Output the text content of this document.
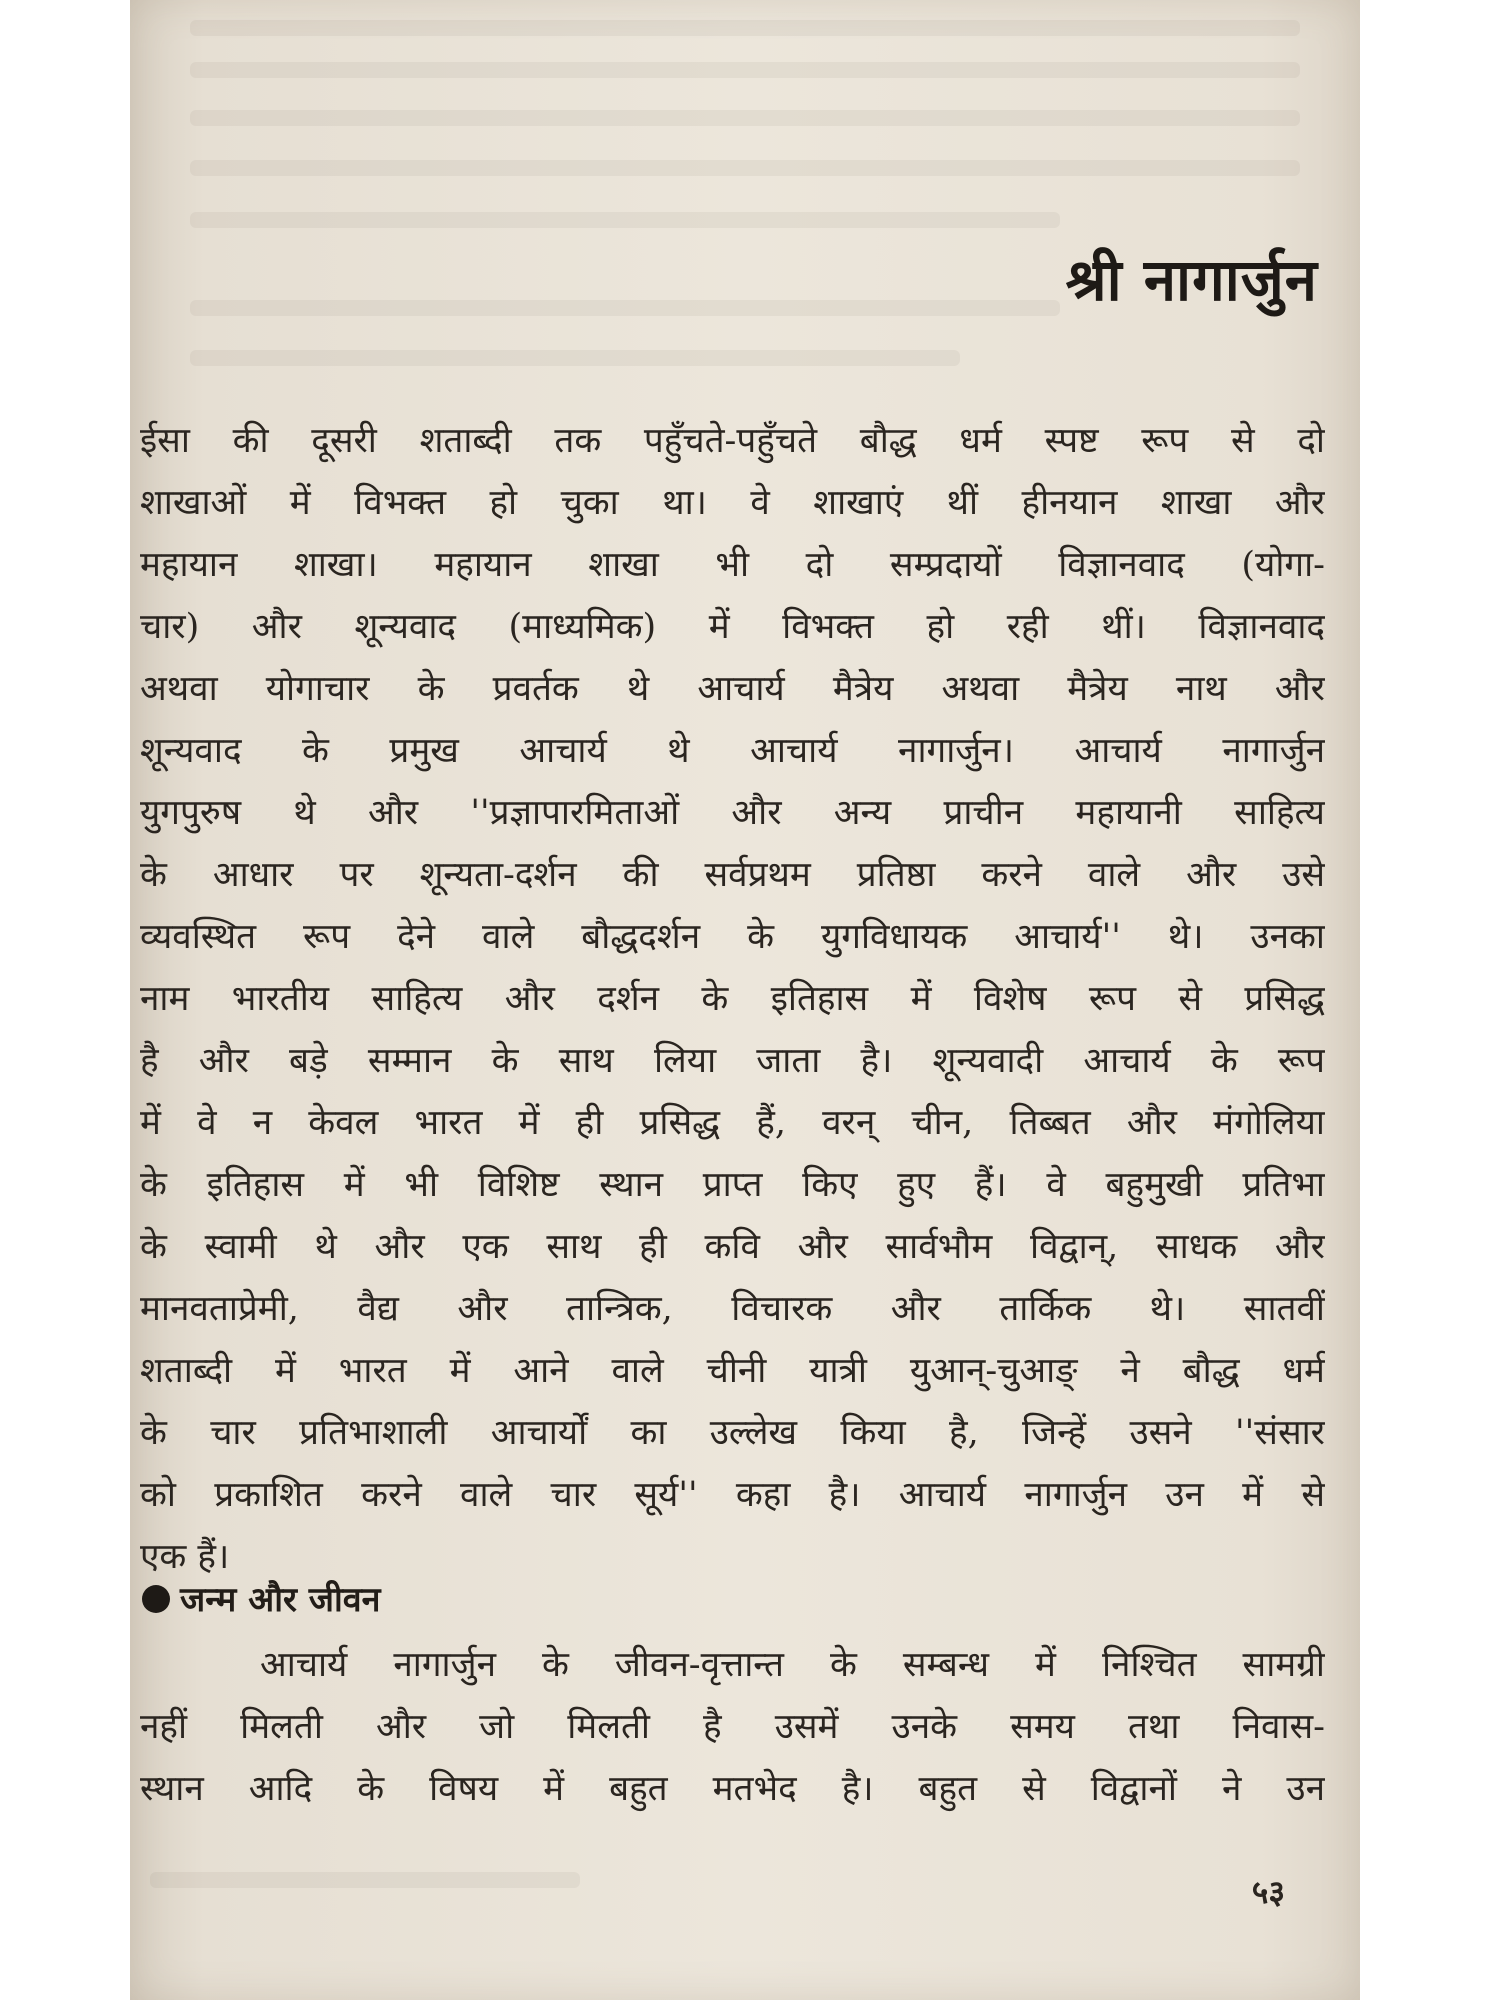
श्री नागार्जुन
ईसा की दूसरी शताब्दी तक पहुँचते-पहुँचते बौद्ध धर्म स्पष्ट रूप से दो
शाखाओं में विभक्त हो चुका था। वे शाखाएं थीं हीनयान शाखा और
महायान शाखा। महायान शाखा भी दो सम्प्रदायों विज्ञानवाद (योगा-
चार) और शून्यवाद (माध्यमिक) में विभक्त हो रही थीं। विज्ञानवाद
अथवा योगाचार के प्रवर्तक थे आचार्य मैत्रेय अथवा मैत्रेय नाथ और
शून्यवाद के प्रमुख आचार्य थे आचार्य नागार्जुन। आचार्य नागार्जुन
युगपुरुष थे और ''प्रज्ञापारमिताओं और अन्य प्राचीन महायानी साहित्य
के आधार पर शून्यता-दर्शन की सर्वप्रथम प्रतिष्ठा करने वाले और उसे
व्यवस्थित रूप देने वाले बौद्धदर्शन के युगविधायक आचार्य'' थे। उनका
नाम भारतीय साहित्य और दर्शन के इतिहास में विशेष रूप से प्रसिद्ध
है और बड़े सम्मान के साथ लिया जाता है। शून्यवादी आचार्य के रूप
में वे न केवल भारत में ही प्रसिद्ध हैं, वरन् चीन, तिब्बत और मंगोलिया
के इतिहास में भी विशिष्ट स्थान प्राप्त किए हुए हैं। वे बहुमुखी प्रतिभा
के स्वामी थे और एक साथ ही कवि और सार्वभौम विद्वान्, साधक और
मानवताप्रेमी, वैद्य और तान्त्रिक, विचारक और तार्किक थे। सातवीं
शताब्दी में भारत में आने वाले चीनी यात्री युआन्-चुआङ् ने बौद्ध धर्म
के चार प्रतिभाशाली आचार्यों का उल्लेख किया है, जिन्हें उसने ''संसार
को प्रकाशित करने वाले चार सूर्य'' कहा है। आचार्य नागार्जुन उन में से
एक हैं।
जन्म और जीवन
आचार्य नागार्जुन के जीवन-वृत्तान्त के सम्बन्ध में निश्चित सामग्री
नहीं मिलती और जो मिलती है उसमें उनके समय तथा निवास-
स्थान आदि के विषय में बहुत मतभेद है। बहुत से विद्वानों ने उन
५३
